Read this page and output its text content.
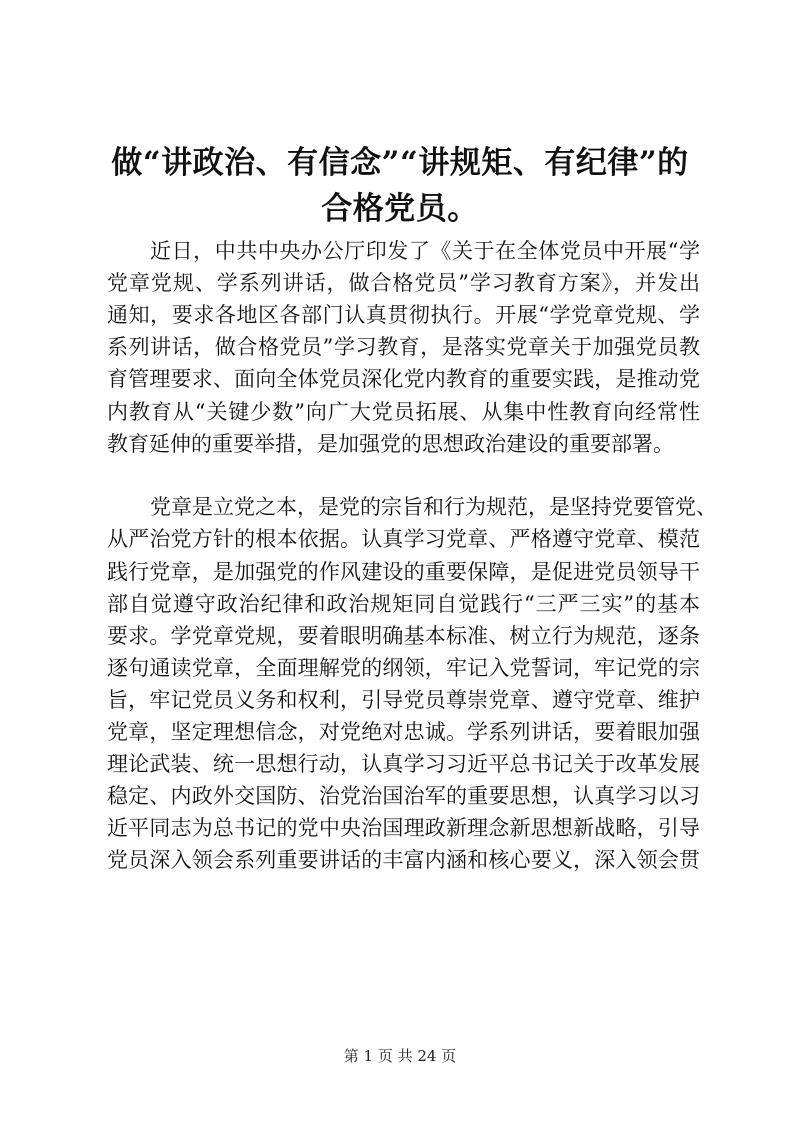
做“讲政治、有信念”“讲规矩、有纪律”的
合格党员。
近日，中共中央办公厅印发了《关于在全体党员中开展“学
党章党规、学系列讲话，做合格党员”学习教育方案》，并发出
通知，要求各地区各部门认真贯彻执行。开展“学党章党规、学
系列讲话，做合格党员”学习教育，是落实党章关于加强党员教
育管理要求、面向全体党员深化党内教育的重要实践，是推动党
内教育从“关键少数”向广大党员拓展、从集中性教育向经常性
教育延伸的重要举措，是加强党的思想政治建设的重要部署。
党章是立党之本，是党的宗旨和行为规范，是坚持党要管党、
从严治党方针的根本依据。认真学习党章、严格遵守党章、模范
践行党章，是加强党的作风建设的重要保障，是促进党员领导干
部自觉遵守政治纪律和政治规矩同自觉践行“三严三实”的基本
要求。学党章党规，要着眼明确基本标准、树立行为规范，逐条
逐句通读党章，全面理解党的纲领，牢记入党誓词，牢记党的宗
旨，牢记党员义务和权利，引导党员尊崇党章、遵守党章、维护
党章，坚定理想信念，对党绝对忠诚。学系列讲话，要着眼加强
理论武装、统一思想行动，认真学习习近平总书记关于改革发展
稳定、内政外交国防、治党治国治军的重要思想，认真学习以习
近平同志为总书记的党中央治国理政新理念新思想新战略，引导
党员深入领会系列重要讲话的丰富内涵和核心要义，深入领会贯
第 1 页 共 24 页
